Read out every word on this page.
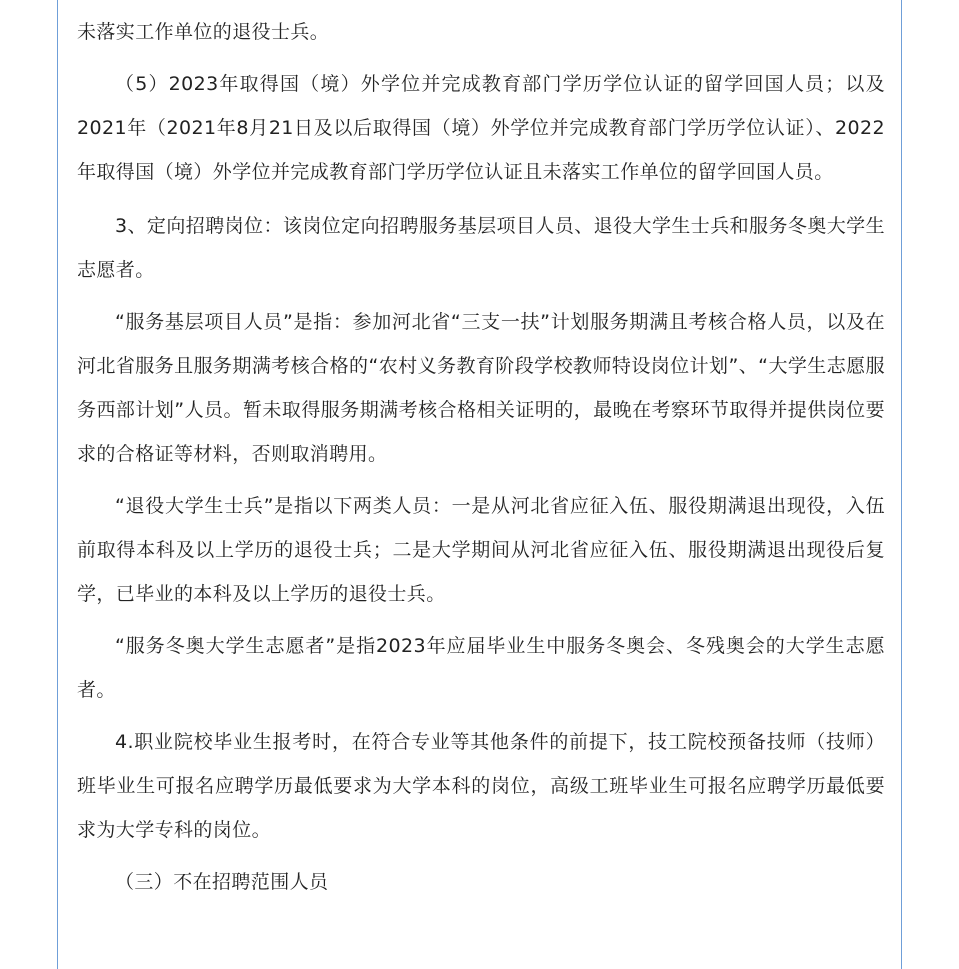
未落实工作单位的退役士兵。

（5）2023年取得国（境）外学位并完成教育部门学历学位认证的留学回国人员；以及2021年（2021年8月21日及以后取得国（境）外学位并完成教育部门学历学位认证）、2022年取得国（境）外学位并完成教育部门学历学位认证且未落实工作单位的留学回国人员。

3、定向招聘岗位：该岗位定向招聘服务基层项目人员、退役大学生士兵和服务冬奥大学生志愿者。

“服务基层项目人员”是指：参加河北省“三支一扶”计划服务期满且考核合格人员，以及在河北省服务且服务期满考核合格的“农村义务教育阶段学校教师特设岗位计划”、“大学生志愿服务西部计划”人员。暂未取得服务期满考核合格相关证明的，最晚在考察环节取得并提供岗位要求的合格证等材料，否则取消聘用。

“退役大学生士兵”是指以下两类人员：一是从河北省应征入伍、服役期满退出现役，入伍前取得本科及以上学历的退役士兵；二是大学期间从河北省应征入伍、服役期满退出现役后复学，已毕业的本科及以上学历的退役士兵。

“服务冬奥大学生志愿者”是指2023年应届毕业生中服务冬奥会、冬残奥会的大学生志愿者。

4.职业院校毕业生报考时，在符合专业等其他条件的前提下，技工院校预备技师（技师）班毕业生可报名应聘学历最低要求为大学本科的岗位，高级工班毕业生可报名应聘学历最低要求为大学专科的岗位。

（三）不在招聘范围人员
